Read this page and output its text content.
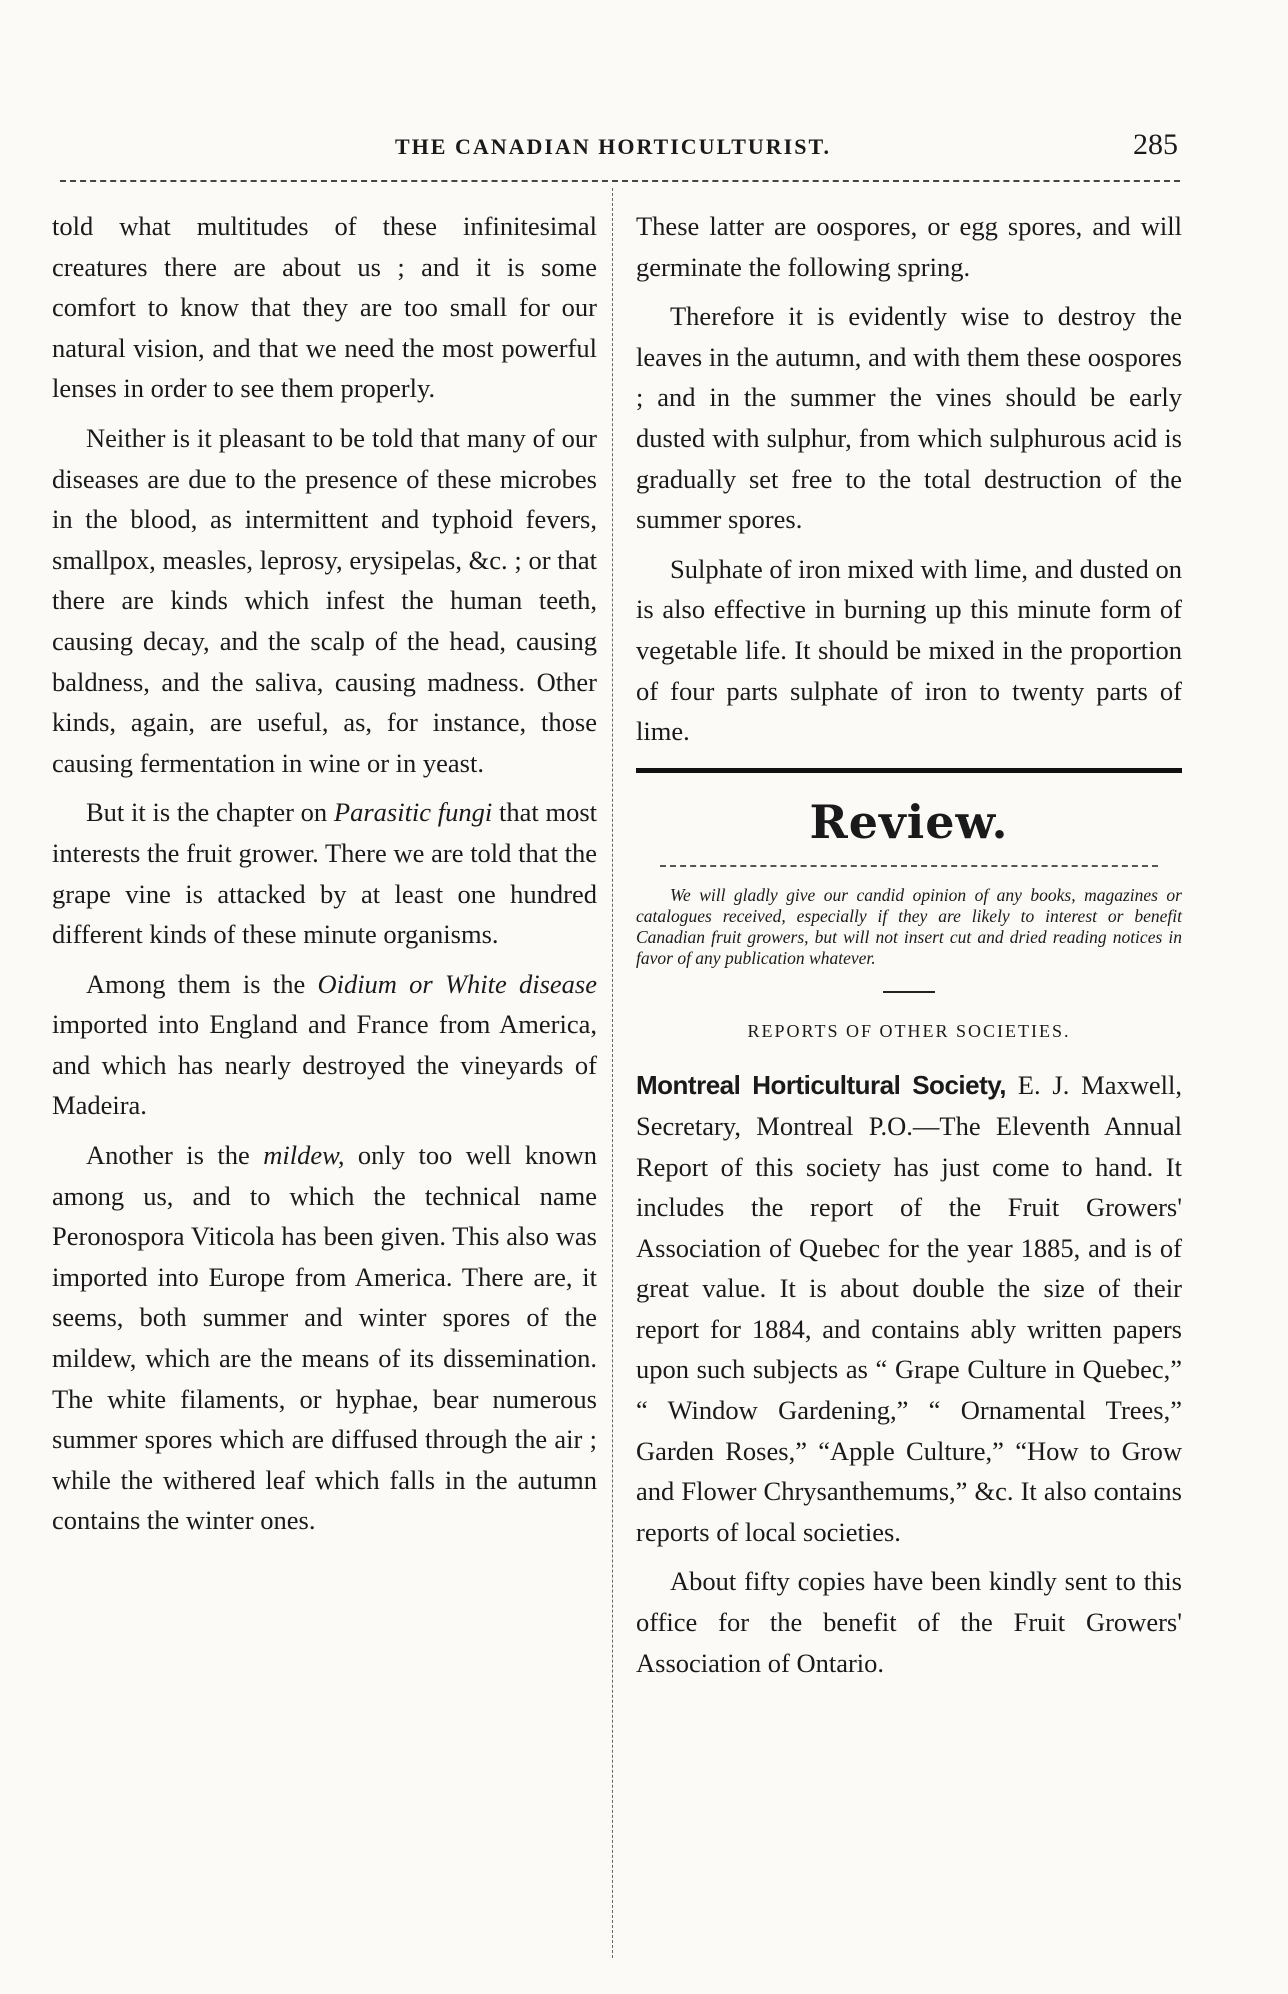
THE CANADIAN HORTICULTURIST.	285

told what multitudes of these infinitesimal creatures there are about us ; and it is some comfort to know that they are too small for our natural vision, and that we need the most powerful lenses in order to see them properly.

Neither is it pleasant to be told that many of our diseases are due to the presence of these microbes in the blood, as intermittent and typhoid fevers, smallpox, measles, leprosy, erysipelas, &c. ; or that there are kinds which infest the human teeth, causing decay, and the scalp of the head, causing baldness, and the saliva, causing madness. Other kinds, again, are useful, as, for instance, those causing fermentation in wine or in yeast.

But it is the chapter on Parasitic fungi that most interests the fruit grower. There we are told that the grape vine is attacked by at least one hundred different kinds of these minute organisms.

Among them is the Oidium or White disease imported into England and France from America, and which has nearly destroyed the vineyards of Madeira.

Another is the mildew, only too well known among us, and to which the technical name Peronospora Viticola has been given. This also was imported into Europe from America. There are, it seems, both summer and winter spores of the mildew, which are the means of its dissemination. The white filaments, or hyphae, bear numerous summer spores which are diffused through the air ; while the withered leaf which falls in the autumn contains the winter ones.

These latter are oospores, or egg spores, and will germinate the following spring.

Therefore it is evidently wise to destroy the leaves in the autumn, and with them these oospores ; and in the summer the vines should be early dusted with sulphur, from which sulphurous acid is gradually set free to the total destruction of the summer spores.

Sulphate of iron mixed with lime, and dusted on is also effective in burning up this minute form of vegetable life. It should be mixed in the proportion of four parts sulphate of iron to twenty parts of lime.

Review.

We will gladly give our candid opinion of any books, magazines or catalogues received, especially if they are likely to interest or benefit Canadian fruit growers, but will not insert cut and dried reading notices in favor of any publication whatever.

REPORTS OF OTHER SOCIETIES.

Montreal Horticultural Society, E. J. Maxwell, Secretary, Montreal P.O.—The Eleventh Annual Report of this society has just come to hand. It includes the report of the Fruit Growers' Association of Quebec for the year 1885, and is of great value. It is about double the size of their report for 1884, and contains ably written papers upon such subjects as “ Grape Culture in Quebec,” “ Window Gardening,” “ Ornamental Trees,” Garden Roses,” “Apple Culture,” “How to Grow and Flower Chrysanthemums,” &c. It also contains reports of local societies.

About fifty copies have been kindly sent to this office for the benefit of the Fruit Growers' Association of Ontario.
